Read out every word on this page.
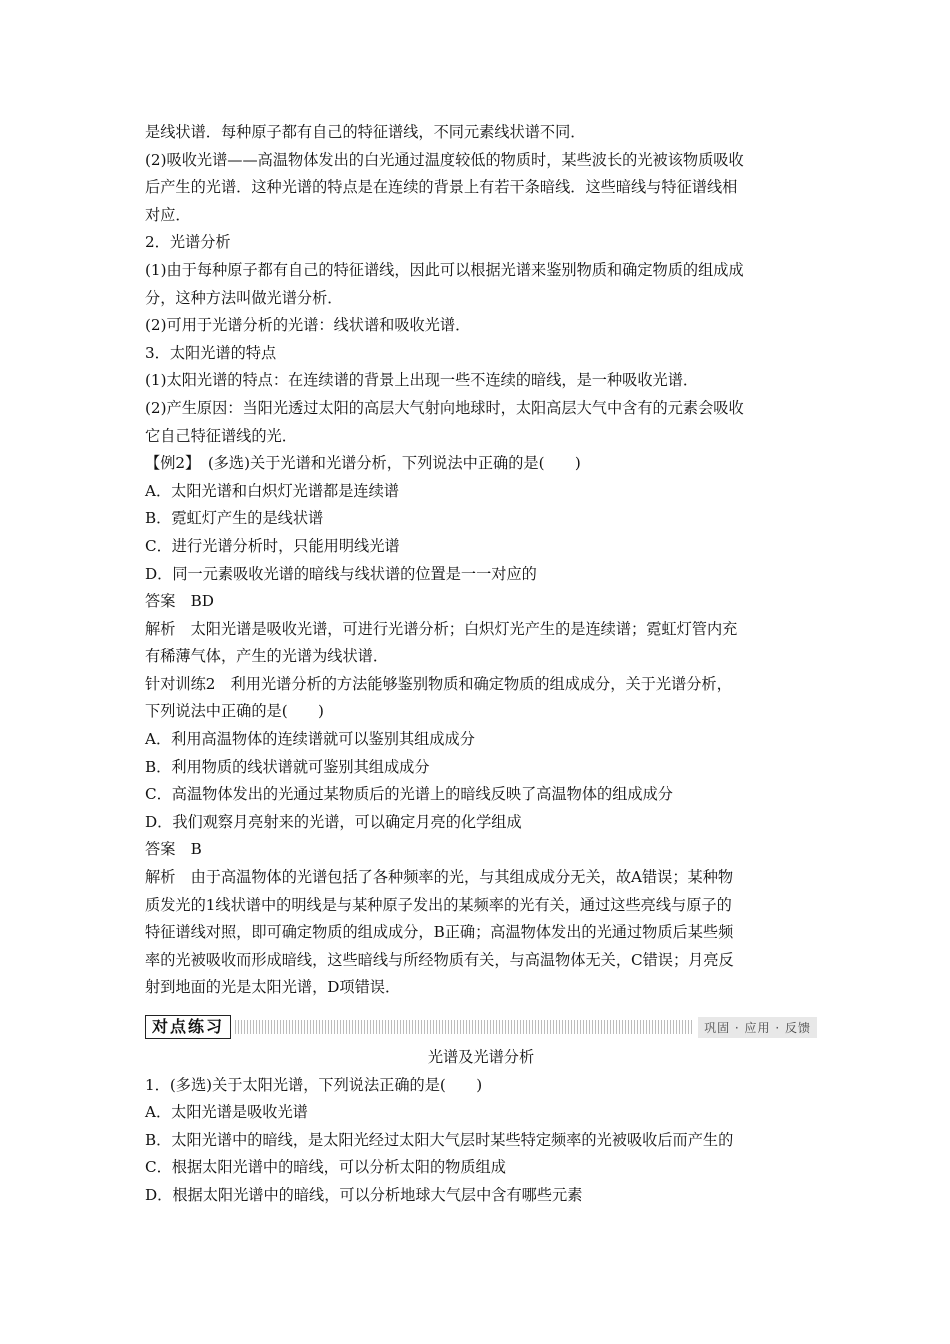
是线状谱．每种原子都有自己的特征谱线，不同元素线状谱不同．

(2)吸收光谱——高温物体发出的白光通过温度较低的物质时，某些波长的光被该物质吸收

后产生的光谱．这种光谱的特点是在连续的背景上有若干条暗线．这些暗线与特征谱线相

对应．

2．光谱分析

(1)由于每种原子都有自己的特征谱线，因此可以根据光谱来鉴别物质和确定物质的组成成

分，这种方法叫做光谱分析．

(2)可用于光谱分析的光谱：线状谱和吸收光谱．

3．太阳光谱的特点

(1)太阳光谱的特点：在连续谱的背景上出现一些不连续的暗线，是一种吸收光谱．

(2)产生原因：当阳光透过太阳的高层大气射向地球时，太阳高层大气中含有的元素会吸收

它自己特征谱线的光．

【例2】　(多选)关于光谱和光谱分析，下列说法中正确的是(　　)

A．太阳光谱和白炽灯光谱都是连续谱

B．霓虹灯产生的是线状谱

C．进行光谱分析时，只能用明线光谱

D．同一元素吸收光谱的暗线与线状谱的位置是一一对应的

答案　BD

解析　太阳光谱是吸收光谱，可进行光谱分析；白炽灯光产生的是连续谱；霓虹灯管内充

有稀薄气体，产生的光谱为线状谱．

针对训练2　利用光谱分析的方法能够鉴别物质和确定物质的组成成分，关于光谱分析，

下列说法中正确的是(　　)

A．利用高温物体的连续谱就可以鉴别其组成成分

B．利用物质的线状谱就可鉴别其组成成分

C．高温物体发出的光通过某物质后的光谱上的暗线反映了高温物体的组成成分

D．我们观察月亮射来的光谱，可以确定月亮的化学组成

答案　B

解析　由于高温物体的光谱包括了各种频率的光，与其组成成分无关，故A错误；某种物

质发光的1线状谱中的明线是与某种原子发出的某频率的光有关，通过这些亮线与原子的

特征谱线对照，即可确定物质的组成成分，B正确；高温物体发出的光通过物质后某些频

率的光被吸收而形成暗线，这些暗线与所经物质有关，与高温物体无关，C错误；月亮反

射到地面的光是太阳光谱，D项错误．

对点练习	巩固 · 应用 · 反馈

光谱及光谱分析

1．(多选)关于太阳光谱，下列说法正确的是(　　)

A．太阳光谱是吸收光谱

B．太阳光谱中的暗线，是太阳光经过太阳大气层时某些特定频率的光被吸收后而产生的

C．根据太阳光谱中的暗线，可以分析太阳的物质组成

D．根据太阳光谱中的暗线，可以分析地球大气层中含有哪些元素
